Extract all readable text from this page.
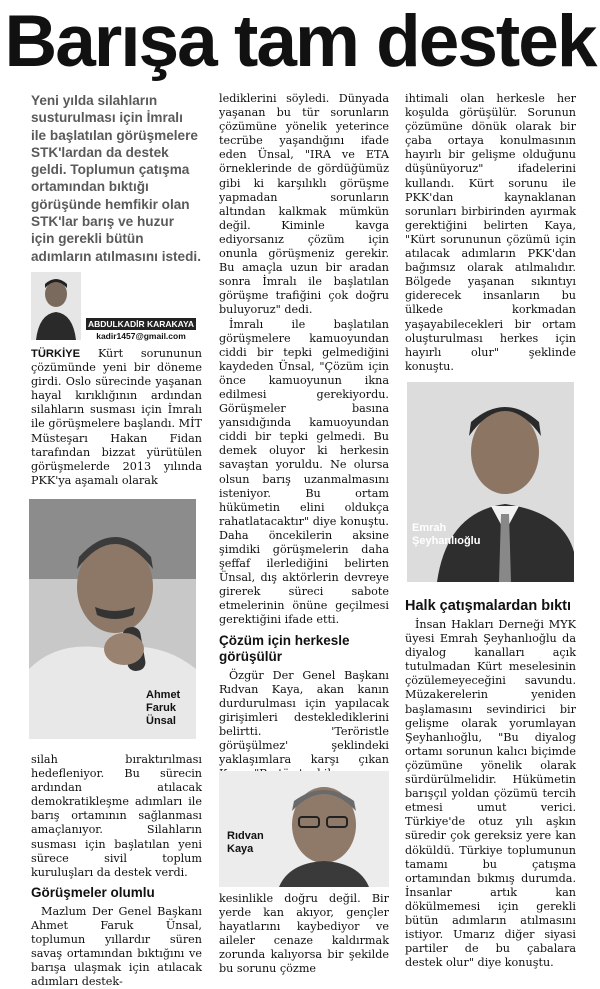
Barışa tam destek
Yeni yılda silahların susturulması için İmralı ile başlatılan görüşmelere STK'lardan da destek geldi. Toplumun çatışma ortamından bıktığı görüşünde hemfikir olan STK'lar barış ve huzur için gerekli bütün adımların atılmasını istedi.
ABDULKADİR KARAKAYA
kadir1457@gmail.com

TÜRKİYE Kürt sorununun çözümünde yeni bir döneme girdi. Oslo sürecinde yaşanan hayal kırıklığının ardından silahların susması için İmralı ile görüşmelere başlandı. MİT Müsteşarı Hakan Fidan tarafından bizzat yürütülen görüşmelerde 2013 yılında PKK'ya aşamalı olarak

Ahmet
Faruk
Ünsal

silah bıraktırılması hedefleniyor. Bu sürecin ardından atılacak demokratikleşme adımları ile barış ortamının sağlanması amaçlanıyor. Silahların susması için başlatılan yeni sürece sivil toplum kuruluşları da destek verdi.

Görüşmeler olumlu

Mazlum Der Genel Başkanı Ahmet Faruk Ünsal, toplumun yıllardır süren savaş ortamından bıktığını ve barışa ulaşmak için atılacak adımları destek-

lediklerini söyledi. Dünyada yaşanan bu tür sorunların çözümüne yönelik yeterince tecrübe yaşandığını ifade eden Ünsal, "IRA ve ETA örneklerinde de gördüğümüz gibi ki karşılıklı görüşme yapmadan sorunların altından kalkmak mümkün değil. Kiminle kavga ediyorsanız çözüm için onunla görüşmeniz gerekir. Bu amaçla uzun bir aradan sonra İmralı ile başlatılan görüşme trafiğini çok doğru buluyoruz" dedi.

İmralı ile başlatılan görüşmelere kamuoyundan ciddi bir tepki gelmediğini kaydeden Ünsal, "Çözüm için önce kamuoyunun ikna edilmesi gerekiyordu. Görüşmeler basına yansıdığında kamuoyundan ciddi bir tepki gelmedi. Bu demek oluyor ki herkesin savaştan yoruldu. Ne olursa olsun barış uzanmalmasını isteniyor. Bu ortam hükümetin elini oldukça rahatlatacaktır" diye konuştu. Daha öncekilerin aksine şimdiki görüşmelerin daha şeffaf ilerlediğini belirten Ünsal, dış aktörlerin devreye girerek süreci sabote etmelerinin önüne geçilmesi gerektiğini ifade etti.

Çözüm için herkesle görüşülür

Özgür Der Genel Başkanı Rıdvan Kaya, akan kanın durdurulması için yapılacak girişimleri desteklediklerini belirtti. 'Teröristle görüşülmez' şeklindeki yaklaşımlara karşı çıkan

Rıdvan
Kaya

kesinlikle doğru değil. Bir yerde kan akıyor, gençler hayatlarını kaybediyor ve aileler cenaze kaldırmak zorunda kalıyorsa bir şekilde bu sorunu çözme

ihtimali olan herkesle her koşulda görüşülür. Sorunun çözümüne dönük olarak bir çaba ortaya konulmasının hayırlı bir gelişme olduğunu düşünüyoruz" ifadelerini kullandı. Kürt sorunu ile PKK'dan kaynaklanan sorunları birbirinden ayırmak gerektiğini belirten Kaya, "Kürt sorununun çözümü için atılacak adımların PKK'dan bağımsız olarak atılmalıdır. Bölgede yaşanan sıkıntıyı giderecek insanların bu ülkede korkmadan yaşayabilecekleri bir ortam oluşturulması herkes için hayırlı olur" şeklinde konuştu.

Emrah
Şeyhanlıoğlu
Halk çatışmalardan bıktı

İnsan Hakları Derneği MYK üyesi Emrah Şeyhanlıoğlu da diyalog kanalları açık tutulmadan Kürt meselesinin çözülemeyeceğini savundu. Müzakerelerin yeniden başlamasını sevindirici bir gelişme olarak yorumlayan Şeyhanlıoğlu, "Bu diyalog ortamı sorunun kalıcı biçimde çözümüne yönelik olarak sürdürülmelidir. Hükümetin barışçıl yoldan çözümü tercih etmesi umut verici. Türkiye'de otuz yılı aşkın süredir çok gereksiz yere kan döküldü. Türkiye toplumunun tamamı bu çatışma ortamından bıkmış durumda. İnsanlar artık kan dökülmemesi için gerekli bütün adımların atılmasını istiyor. Umarız diğer siyasi partiler de bu çabalara destek olur" diye konuştu.
